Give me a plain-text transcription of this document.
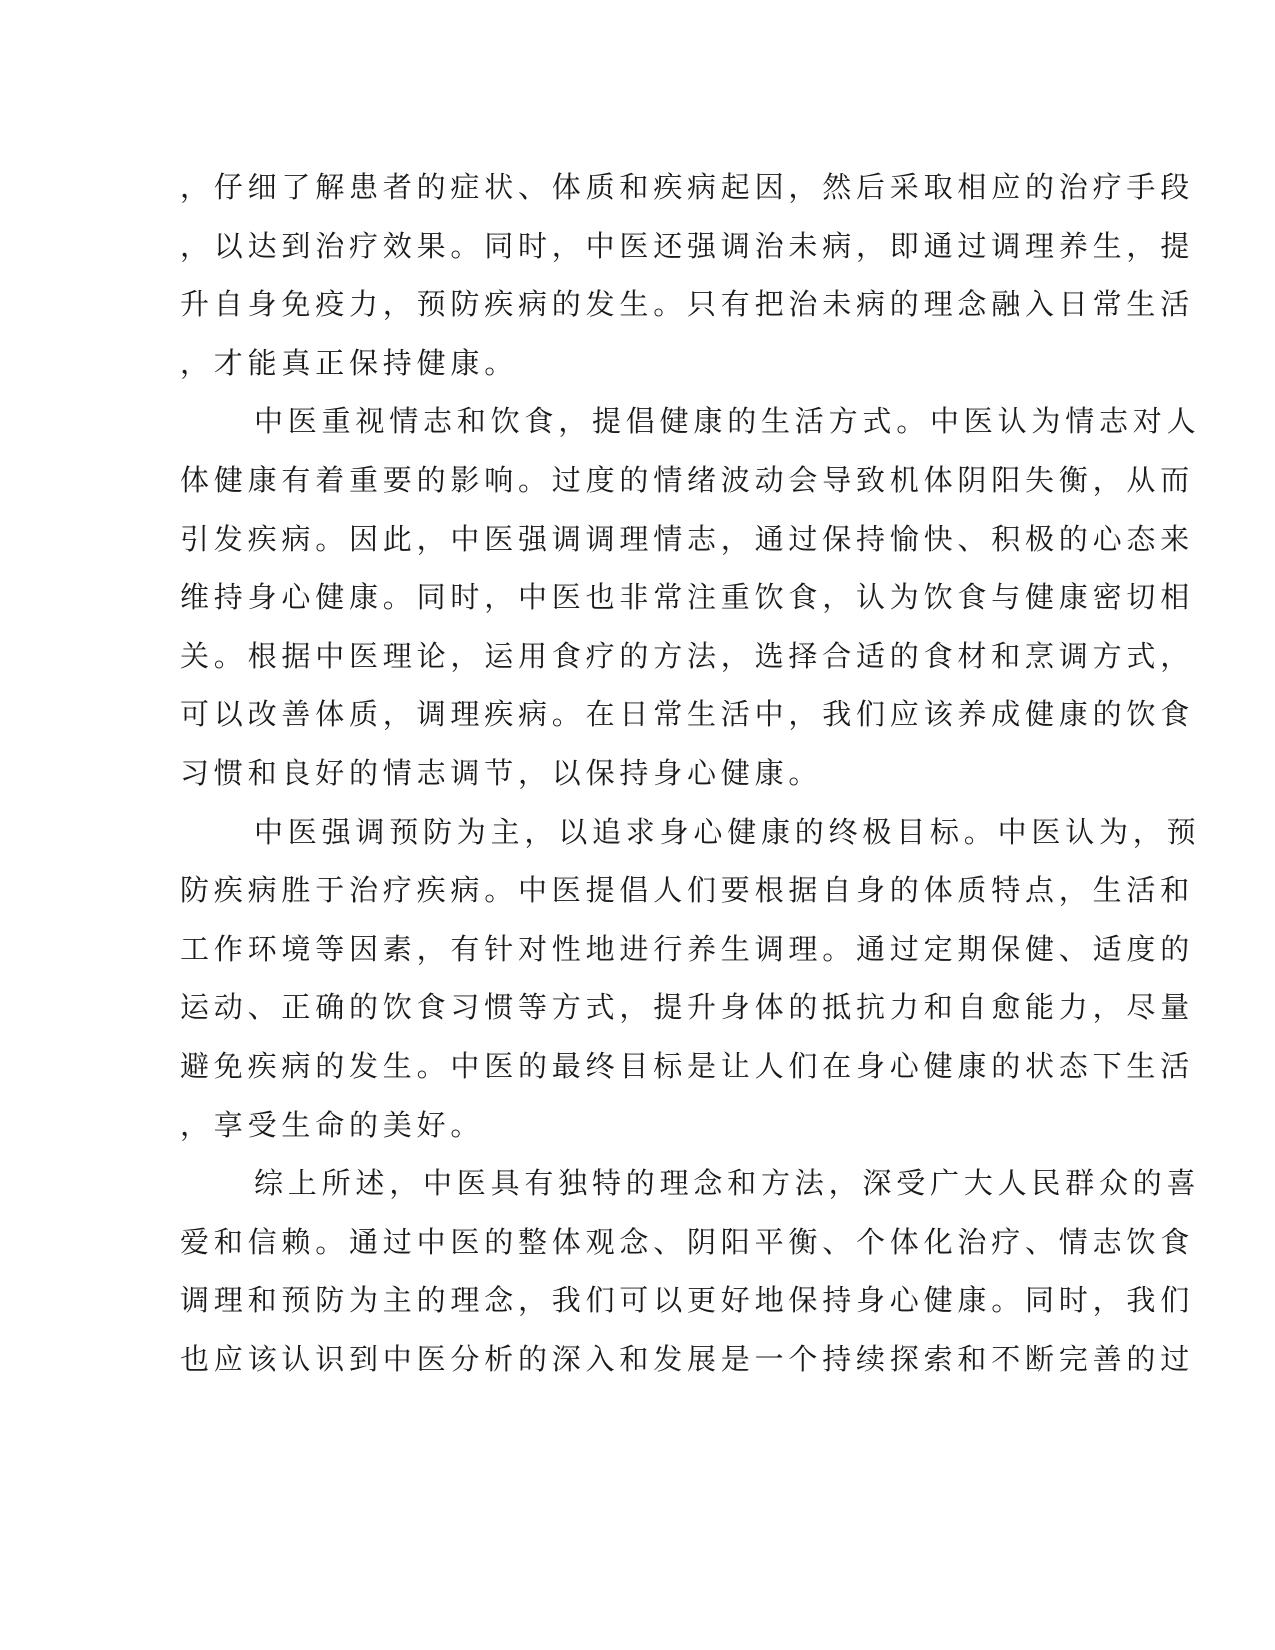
，仔细了解患者的症状、体质和疾病起因，然后采取相应的治疗手段
，以达到治疗效果。同时，中医还强调治未病，即通过调理养生，提
升自身免疫力，预防疾病的发生。只有把治未病的理念融入日常生活
，才能真正保持健康。
中医重视情志和饮食，提倡健康的生活方式。中医认为情志对人
体健康有着重要的影响。过度的情绪波动会导致机体阴阳失衡，从而
引发疾病。因此，中医强调调理情志，通过保持愉快、积极的心态来
维持身心健康。同时，中医也非常注重饮食，认为饮食与健康密切相
关。根据中医理论，运用食疗的方法，选择合适的食材和烹调方式，
可以改善体质，调理疾病。在日常生活中，我们应该养成健康的饮食
习惯和良好的情志调节，以保持身心健康。
中医强调预防为主，以追求身心健康的终极目标。中医认为，预
防疾病胜于治疗疾病。中医提倡人们要根据自身的体质特点，生活和
工作环境等因素，有针对性地进行养生调理。通过定期保健、适度的
运动、正确的饮食习惯等方式，提升身体的抵抗力和自愈能力，尽量
避免疾病的发生。中医的最终目标是让人们在身心健康的状态下生活
，享受生命的美好。
综上所述，中医具有独特的理念和方法，深受广大人民群众的喜
爱和信赖。通过中医的整体观念、阴阳平衡、个体化治疗、情志饮食
调理和预防为主的理念，我们可以更好地保持身心健康。同时，我们
也应该认识到中医分析的深入和发展是一个持续探索和不断完善的过
